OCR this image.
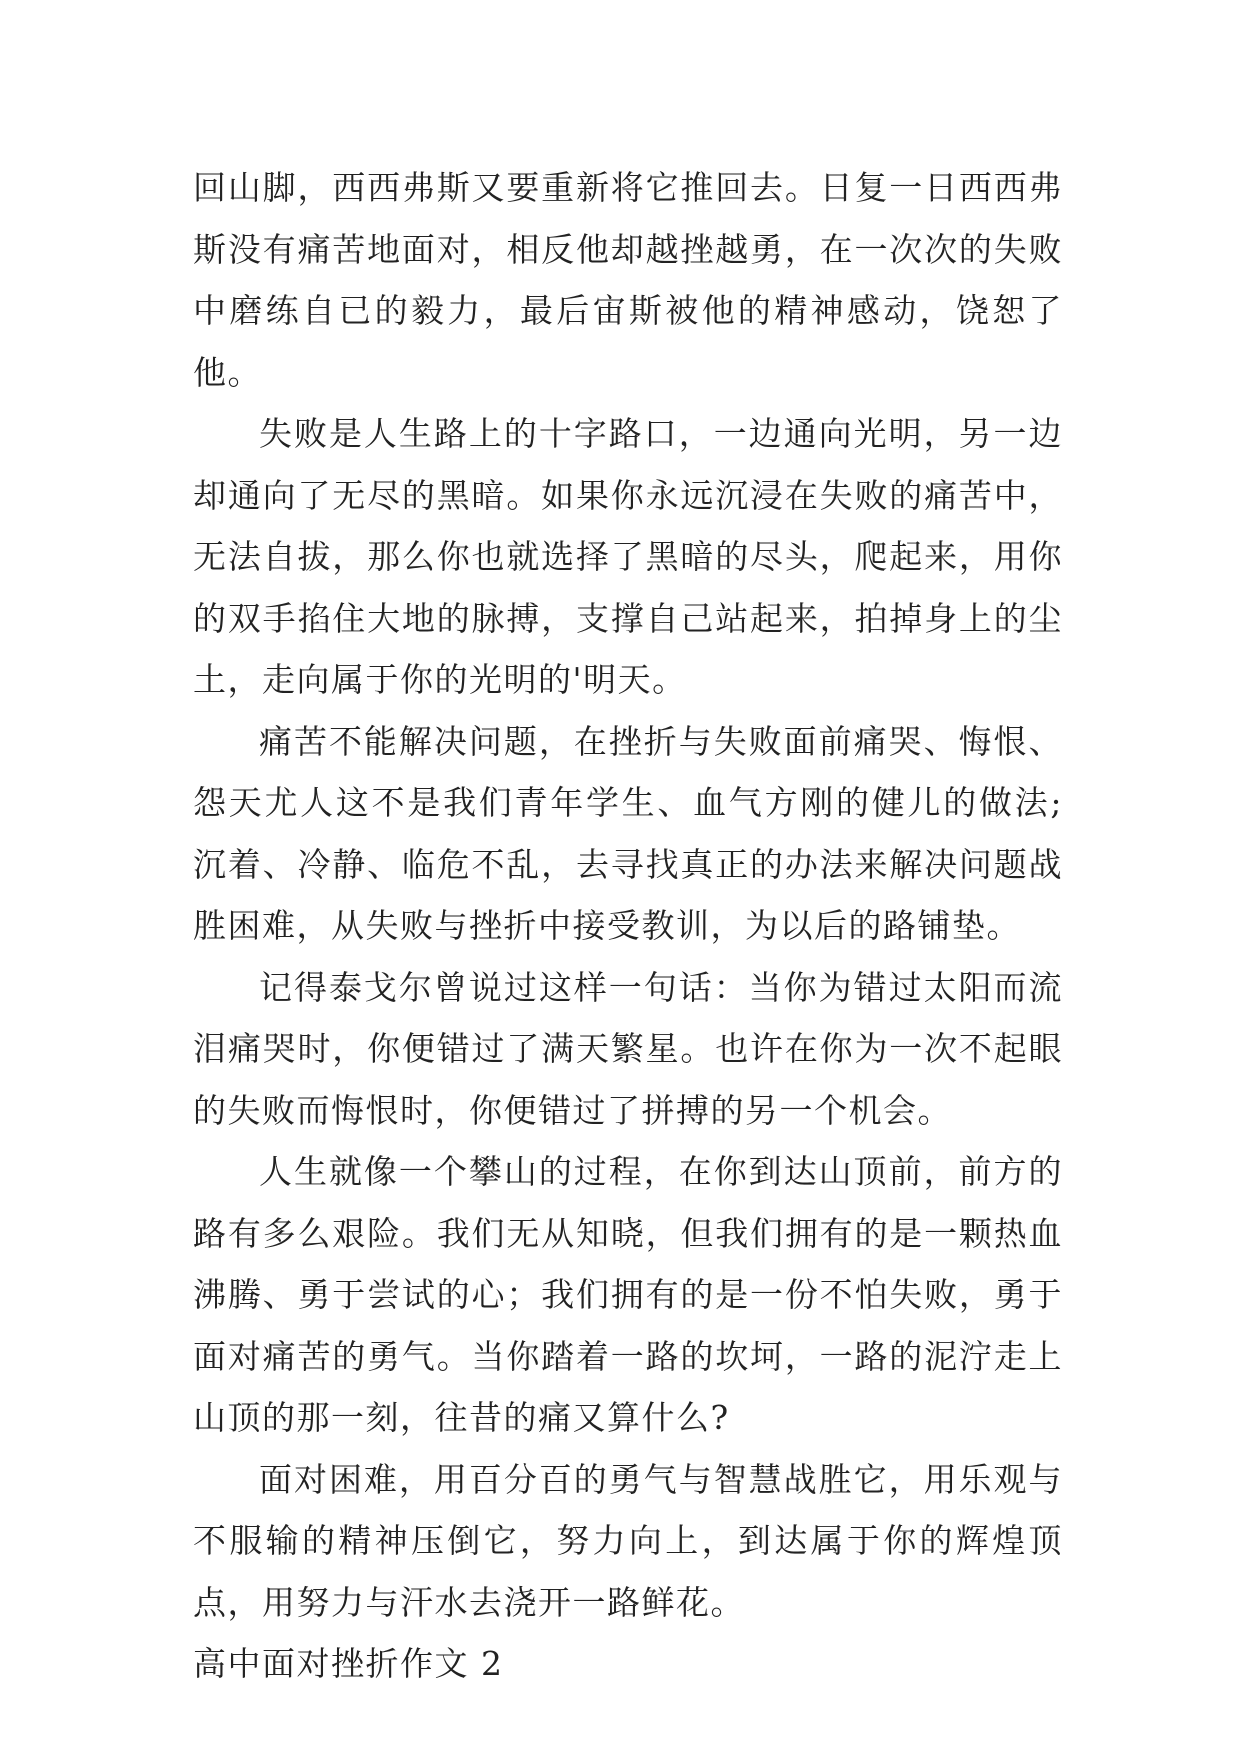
回山脚，西西弗斯又要重新将它推回去。日复一日西西弗斯没有痛苦地面对，相反他却越挫越勇，在一次次的失败中磨练自已的毅力，最后宙斯被他的精神感动，饶恕了他。

失败是人生路上的十字路口，一边通向光明，另一边却通向了无尽的黑暗。如果你永远沉浸在失败的痛苦中，无法自拔，那么你也就选择了黑暗的尽头，爬起来，用你的双手掐住大地的脉搏，支撑自己站起来，拍掉身上的尘土，走向属于你的光明的'明天。

痛苦不能解决问题，在挫折与失败面前痛哭、悔恨、怨天尤人这不是我们青年学生、血气方刚的健儿的做法;沉着、冷静、临危不乱，去寻找真正的办法来解决问题战胜困难，从失败与挫折中接受教训，为以后的路铺垫。

记得泰戈尔曾说过这样一句话：当你为错过太阳而流泪痛哭时，你便错过了满天繁星。也许在你为一次不起眼的失败而悔恨时，你便错过了拼搏的另一个机会。

人生就像一个攀山的过程，在你到达山顶前，前方的路有多么艰险。我们无从知晓，但我们拥有的是一颗热血沸腾、勇于尝试的心；我们拥有的是一份不怕失败，勇于面对痛苦的勇气。当你踏着一路的坎坷，一路的泥泞走上山顶的那一刻，往昔的痛又算什么?

面对困难，用百分百的勇气与智慧战胜它，用乐观与不服输的精神压倒它，努力向上，到达属于你的辉煌顶点，用努力与汗水去浇开一路鲜花。

高中面对挫折作文 2
